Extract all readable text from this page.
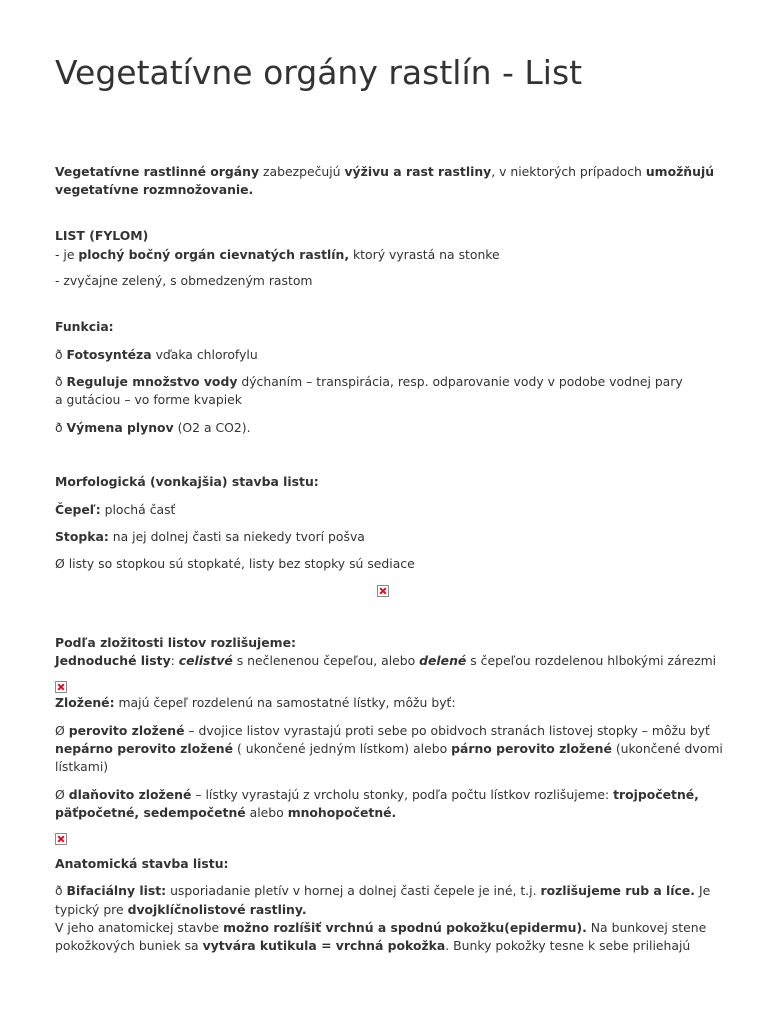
Vegetatívne orgány rastlín - List
Vegetatívne rastlinné orgány zabezpečujú výživu a rast rastliny, v niektorých prípadoch umožňujú
vegetatívne rozmnožovanie.
LIST (FYLOM)
- je plochý bočný orgán cievnatých rastlín, ktorý vyrastá na stonke
- zvyčajne zelený, s obmedzeným rastom
Funkcia:
ð Fotosyntéza vďaka chlorofylu
ð Reguluje množstvo vody dýchaním – transpirácia, resp. odparovanie vody v podobe vodnej pary
a gutáciou – vo forme kvapiek
ð Výmena plynov (O2 a CO2).
Morfologická (vonkajšia) stavba listu:
Čepeľ: plochá časť
Stopka: na jej dolnej časti sa niekedy tvorí pošva
Ø listy so stopkou sú stopkaté, listy bez stopky sú sediace
Podľa zložitosti listov rozlišujeme:
Jednoduché listy: celistvé s nečlenenou čepeľou, alebo delené s čepeľou rozdelenou hlbokými zárezmi
Zložené: majú čepeľ rozdelenú na samostatné lístky, môžu byť:
Ø perovito zložené – dvojice listov vyrastajú proti sebe po obidvoch stranách listovej stopky – môžu byť
nepárno perovito zložené ( ukončené jedným lístkom) alebo párno perovito zložené (ukončené dvomi
lístkami)
Ø dlaňovito zložené – lístky vyrastajú z vrcholu stonky, podľa počtu lístkov rozlišujeme: trojpočetné,
päťpočetné, sedempočetné alebo mnohopočetné.
Anatomická stavba listu:
ð Bifaciálny list: usporiadanie pletív v hornej a dolnej časti čepele je iné, t.j. rozlišujeme rub a líce. Je
typický pre dvojklíčnolistové rastliny.
V jeho anatomickej stavbe možno rozlíšiť vrchnú a spodnú pokožku(epidermu). Na bunkovej stene
pokožkových buniek sa vytvára kutikula = vrchná pokožka. Bunky pokožky tesne k sebe priliehajú
